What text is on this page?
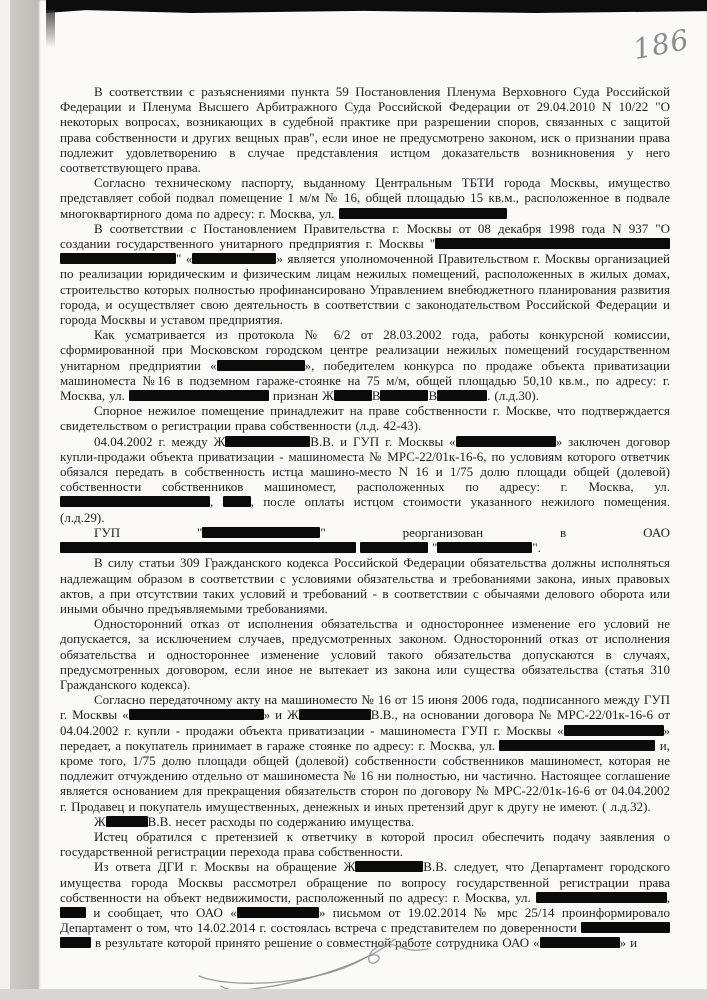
186

В соответствии с разъяснениями пункта 59 Постановления Пленума Верховного Суда Российской Федерации и Пленума Высшего Арбитражного Суда Российской Федерации от 29.04.2010 N 10/22 "О некоторых вопросах, возникающих в судебной практике при разрешении споров, связанных с защитой права собственности и других вещных прав", если иное не предусмотрено законом, иск о признании права подлежит удовлетворению в случае представления истцом доказательств возникновения у него соответствующего права.

Согласно техническому паспорту, выданному Центральным ТБТИ города Москвы, имущество представляет собой подвал помещение 1 м/м № 16, общей площадью 15 кв.м., расположенное в подвале многоквартирного дома по адресу: г. Москва, ул.

В соответствии с Постановлением Правительства г. Москвы от 08 декабря 1998 года N 937 "О создании государственного унитарного предприятия г. Москвы " " «	» является уполномоченной Правительством г. Москвы организацией по реализации юридическим и физическим лицам нежилых помещений, расположенных в жилых домах, строительство которых полностью профинансировано Управлением внебюджетного планирования развития города, и осуществляет свою деятельность в соответствии с законодательством Российской Федерации и города Москвы и уставом предприятия.

Как усматривается из протокола № 6/2 от 28.03.2002 года, работы конкурсной комиссии, сформированной при Московском городском центре реализации нежилых помещений государственном унитарном предприятии «	», победителем конкурса по продаже объекта приватизации машиноместа №16 в подземном гараже-стоянке на 75 м/м, общей площадью 50,10 кв.м., по адресу: г. Москва, ул.	признан Ж	В	В	. (л.д.30).

Спорное нежилое помещение принадлежит на праве собственности г. Москве, что подтверждается свидетельством о регистрации права собственности (л.д. 42-43).

04.04.2002 г. между Ж	В.В. и ГУП г. Москвы «	» заключен договор купли-продажи объекта приватизации - машиноместа № МРС-22/01к-16-6, по условиям которого ответчик обязался передать в собственность истца машино-место N 16 и 1/75 долю площади общей (долевой) собственности собственников машиномест, расположенных по адресу: г. Москва, ул. , , после оплаты истцом стоимости указанного нежилого помещения. (л.д.29).

ГУП "	" реорганизован в ОАО   "	".

В силу статьи 309 Гражданского кодекса Российской Федерации обязательства должны исполняться надлежащим образом в соответствии с условиями обязательства и требованиями закона, иных правовых актов, а при отсутствии таких условий и требований - в соответствии с обычаями делового оборота или иными обычно предъявляемыми требованиями.

Односторонний отказ от исполнения обязательства и одностороннее изменение его условий не допускается, за исключением случаев, предусмотренных законом. Односторонний отказ от исполнения обязательства и одностороннее изменение условий такого обязательства допускаются в случаях, предусмотренных договором, если иное не вытекает из закона или существа обязательства (статья 310 Гражданского кодекса).

Согласно передаточному акту на машиноместо № 16 от 15 июня 2006 года, подписанного между ГУП г. Москвы «	» и Ж	В.В., на основании договора № МРС-22/01к-16-6 от 04.04.2002 г. купли - продажи объекта приватизации - машиноместа ГУП г. Москвы «	» передает, а покупатель принимает в гараже стоянке по адресу: г. Москва, ул.	и, кроме того, 1/75 долю площади общей (долевой) собственности собственников машиномест, которая не подлежит отчуждению отдельно от машиноместа № 16 ни полностью, ни частично. Настоящее соглашение является основанием для прекращения обязательств сторон по договору № МРС-22/01к-16-6 от 04.04.2002 г. Продавец и покупатель имущественных, денежных и иных претензий друг к другу не имеют. ( л.д.32).

Ж	В.В. несет расходы по содержанию имущества.

Истец обратился с претензией к ответчику в которой просил обеспечить подачу заявления о государственной регистрации перехода права собственности.

Из ответа ДГИ г. Москвы на обращение Ж	В.В. следует, что Департамент городского имущества города Москвы рассмотрел обращение по вопросу государственной регистрации права собственности на объект недвижимости, расположенный по адресу: г. Москва, ул.	,  и сообщает, что ОАО «	» письмом от 19.02.2014 № мрс 25/14 проинформировало Департамент о том, что 14.02.2014 г. состоялась встреча с представителем по доверенности   в результате которой принято решение о совместной работе сотрудника ОАО «	» и
